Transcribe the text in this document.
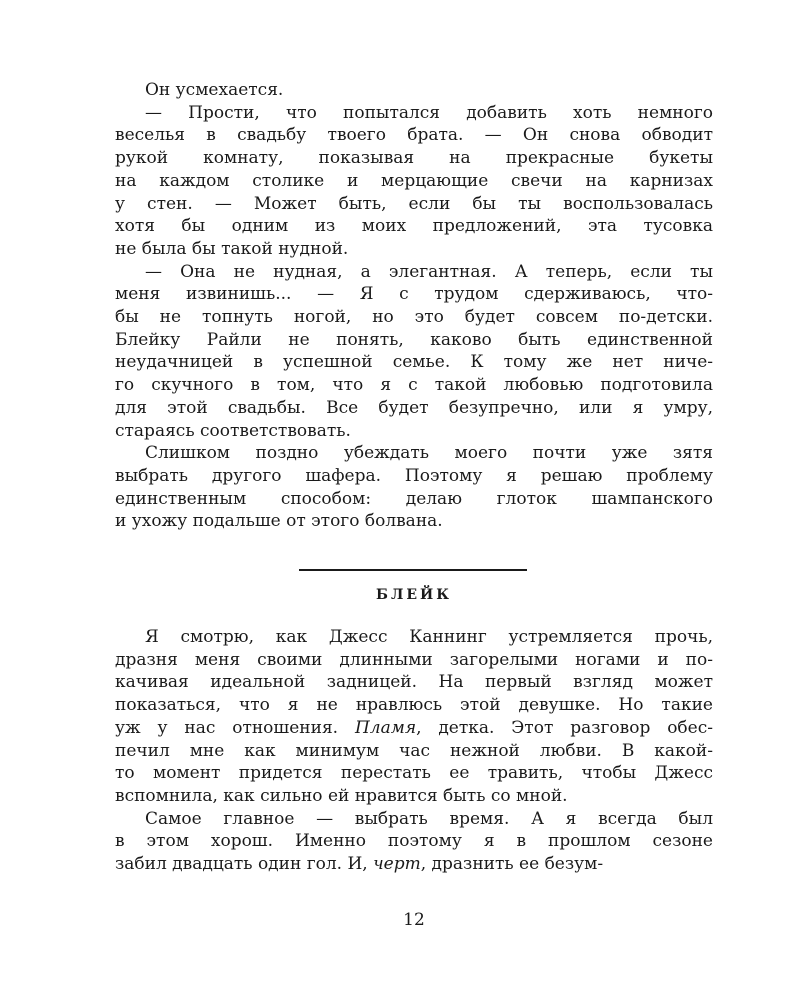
Он усмехается.
— Прости, что попытался добавить хоть немного
веселья в свадьбу твоего брата. — Он снова обводит
рукой комнату, показывая на прекрасные букеты
на каждом столике и мерцающие свечи на карнизах
у стен. — Может быть, если бы ты воспользовалась
хотя бы одним из моих предложений, эта тусовка
не была бы такой нудной.
— Она не нудная, а элегантная. А теперь, если ты
меня извинишь... — Я с трудом сдерживаюсь, что-
бы не топнуть ногой, но это будет совсем по-детски.
Блейку Райли не понять, каково быть единственной
неудачницей в успешной семье. К тому же нет ничe-
го скучного в том, что я с такой любовью подготовила
для этой свадьбы. Все будет безупречно, или я умру,
стараясь соответствовать.
Слишком поздно убеждать моего почти уже зятя
выбрать другого шафера. Поэтому я решаю проблему
единственным способом: делаю глоток шампанского
и ухожу подальше от этого болвана.
Я смотрю, как Джесс Каннинг устремляется прочь,
дразня меня своими длинными загорелыми ногами и по-
качивая идеальной задницей. На первый взгляд может
показаться, что я не нравлюсь этой девушке. Но такие
уж у нас отношения. Пламя, детка. Этот разговор обес-
печил мне как минимум час нежной любви. В какой-
то момент придется перестать ее травить, чтобы Джесс
вспомнила, как сильно ей нравится быть со мной.
Самое главное — выбрать время. А я всегда был
в этом хорош. Именно поэтому я в прошлом сезоне
забил двадцать один гол. И, черт, дразнить ее безум-
БЛЕЙК
12
